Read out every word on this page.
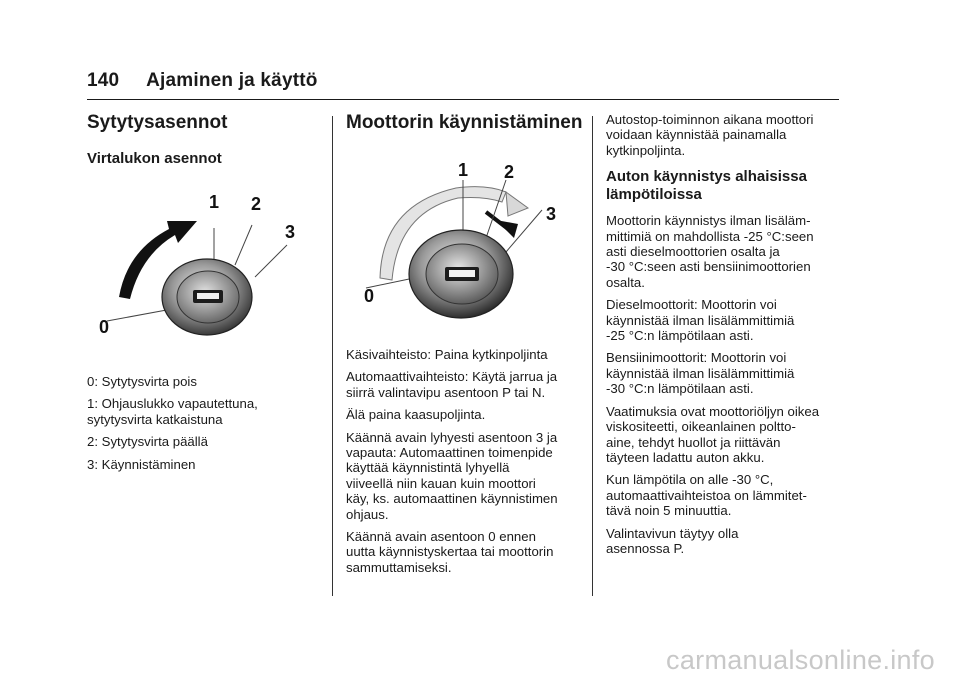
140 Ajaminen ja käyttö
Sytytysasennot
Virtalukon asennot
0
1 2
3

0: Sytytysvirta pois

1: Ohjauslukko vapautettuna,
sytytysvirta katkaistuna

2: Sytytysvirta päällä

3: Käynnistäminen

Moottorin käynnistäminen
0
1 2
3

Käsivaihteisto: Paina kytkinpoljinta

Automaattivaihteisto: Käytä jarrua ja
siirrä valintavipu asentoon P tai N.

Älä paina kaasupoljinta.

Käännä avain lyhyesti asentoon 3 ja
vapauta: Automaattinen toimenpide
käyttää käynnistintä lyhyellä
viiveellä niin kauan kuin moottori
käy, ks. automaattinen käynnistimen
ohjaus.

Käännä avain asentoon 0 ennen
uutta käynnistyskertaa tai moottorin
sammuttamiseksi.

Autostop-toiminnon aikana moottori
voidaan käynnistää painamalla
kytkinpoljinta.

Auton käynnistys alhaisissa
lämpötiloissa

Moottorin käynnistys ilman lisäläm-
mittimiä on mahdollista -25 °C:seen
asti dieselmoottorien osalta ja
-30 °C:seen asti bensiinimoottorien
osalta.

Dieselmoottorit: Moottorin voi
käynnistää ilman lisälämmittimiä
-25 °C:n lämpötilaan asti.

Bensiinimoottorit: Moottorin voi
käynnistää ilman lisälämmittimiä
-30 °C:n lämpötilaan asti.

Vaatimuksia ovat moottoriöljyn oikea
viskositeetti, oikeanlainen poltto-
aine, tehdyt huollot ja riittävän
täyteen ladattu auton akku.

Kun lämpötila on alle -30 °C,
automaattivaihteistoa on lämmitet-
tävä noin 5 minuuttia.

Valintavivun täytyy olla
asennossa P.

carmanualsonline.info
